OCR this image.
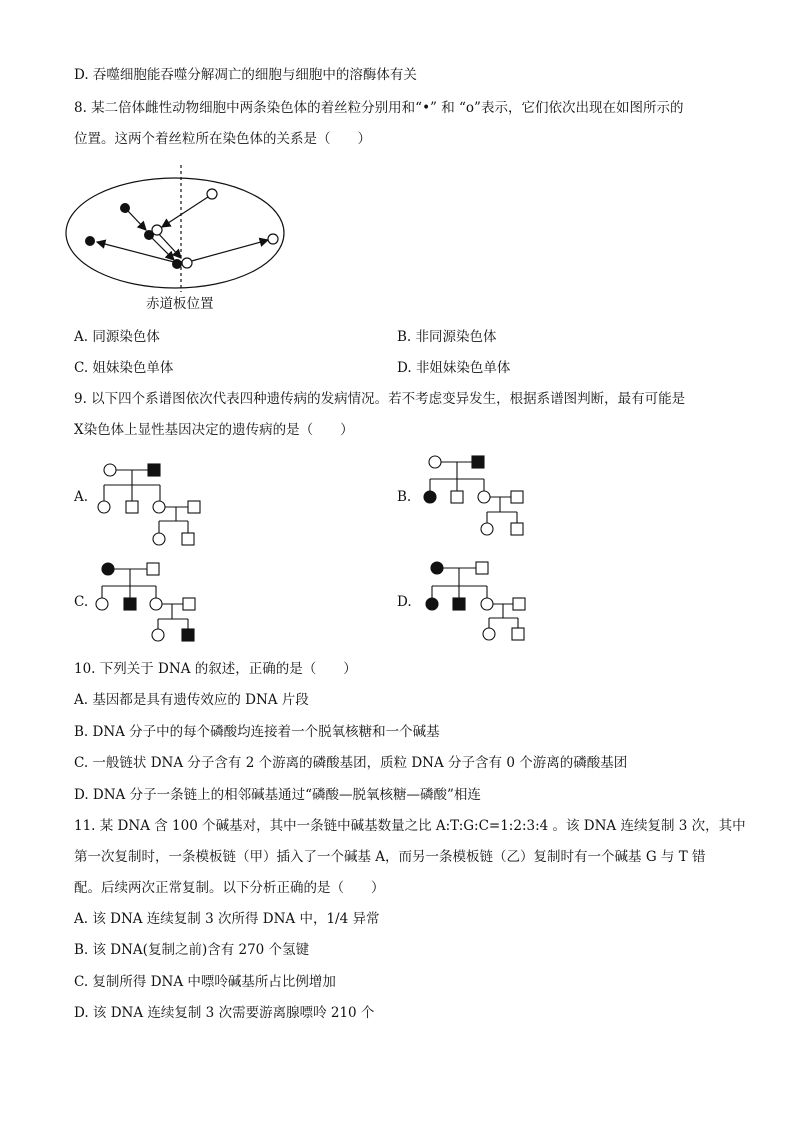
D. 吞噬细胞能吞噬分解凋亡的细胞与细胞中的溶酶体有关
8. 某二倍体雌性动物细胞中两条染色体的着丝粒分别用和“•” 和 “o”表示，它们依次出现在如图所示的
位置。这两个着丝粒所在染色体的关系是（　　）
赤道板位置
A. 同源染色体	B. 非同源染色体
C. 姐妹染色单体	D. 非姐妹染色单体
9. 以下四个系谱图依次代表四种遗传病的发病情况。若不考虑变异发生，根据系谱图判断，最有可能是
X染色体上显性基因决定的遗传病的是（　　）
A.	B.
C.	D.
10. 下列关于 DNA 的叙述，正确的是（　　）
A. 基因都是具有遗传效应的 DNA 片段
B. DNA 分子中的每个磷酸均连接着一个脱氧核糖和一个碱基
C. 一般链状 DNA 分子含有 2 个游离的磷酸基团，质粒 DNA 分子含有 0 个游离的磷酸基团
D. DNA 分子一条链上的相邻碱基通过“磷酸—脱氧核糖—磷酸”相连
11. 某 DNA 含 100 个碱基对，其中一条链中碱基数量之比 A:T:G:C=1:2:3:4 。该 DNA 连续复制 3 次，其中
第一次复制时，一条模板链（甲）插入了一个碱基 A，而另一条模板链（乙）复制时有一个碱基 G 与 T 错
配。后续两次正常复制。以下分析正确的是（　　）
A. 该 DNA 连续复制 3 次所得 DNA 中，1/4 异常
B. 该 DNA(复制之前)含有 270 个氢键
C. 复制所得 DNA 中嘌呤碱基所占比例增加
D. 该 DNA 连续复制 3 次需要游离腺嘌呤 210 个
